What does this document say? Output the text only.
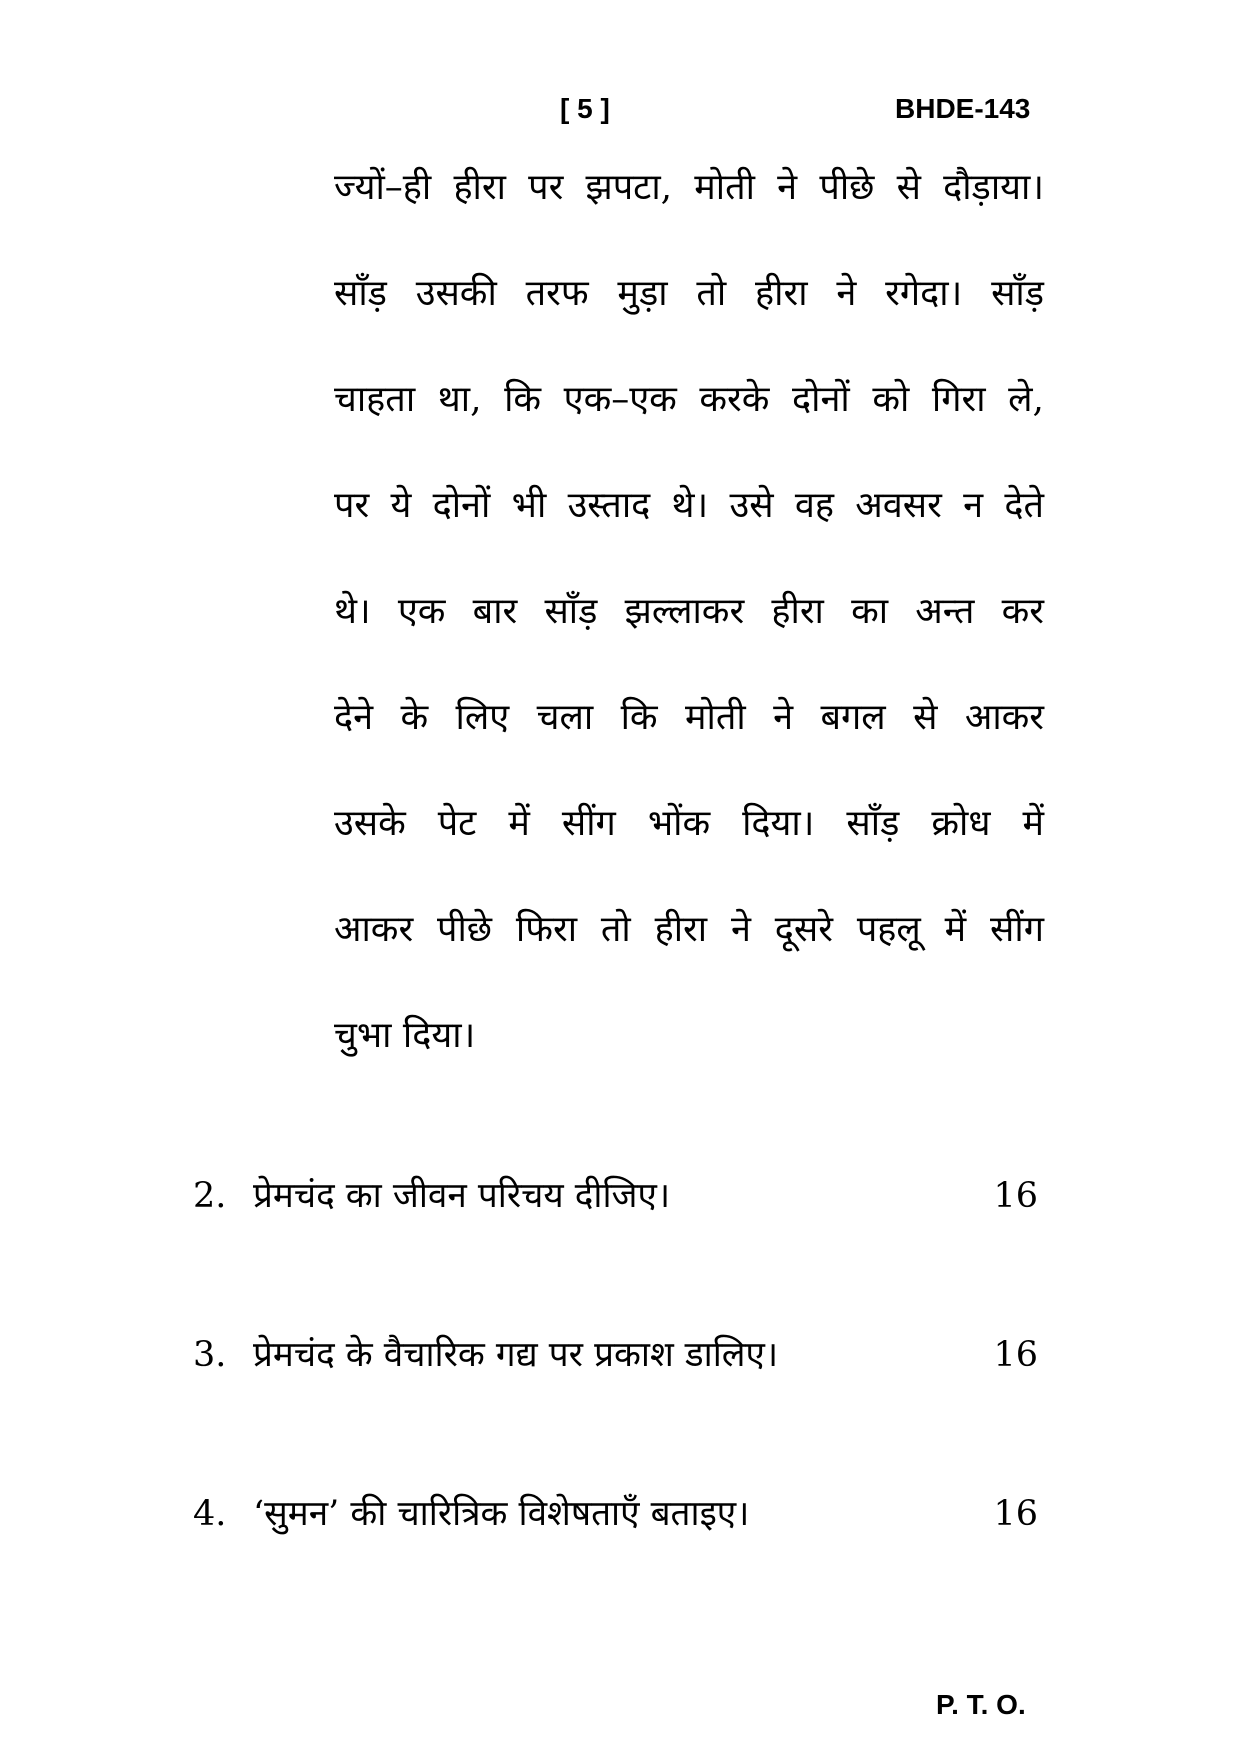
[ 5 ]	BHDE-143
ज्यों–ही हीरा पर झपटा, मोती ने पीछे से दौड़ाया।
साँड़ उसकी तरफ मुड़ा तो हीरा ने रगेदा। साँड़
चाहता था, कि एक–एक करके दोनों को गिरा ले,
पर ये दोनों भी उस्ताद थे। उसे वह अवसर न देते
थे। एक बार साँड़ झल्लाकर हीरा का अन्त कर
देने के लिए चला कि मोती ने बगल से आकर
उसके पेट में सींग भोंक दिया। साँड़ क्रोध में
आकर पीछे फिरा तो हीरा ने दूसरे पहलू में सींग
चुभा दिया।
2. प्रेमचंद का जीवन परिचय दीजिए।	16
3. प्रेमचंद के वैचारिक गद्य पर प्रकाश डालिए।	16
4. ‘सुमन’ की चारित्रिक विशेषताएँ बताइए।	16
P. T. O.
